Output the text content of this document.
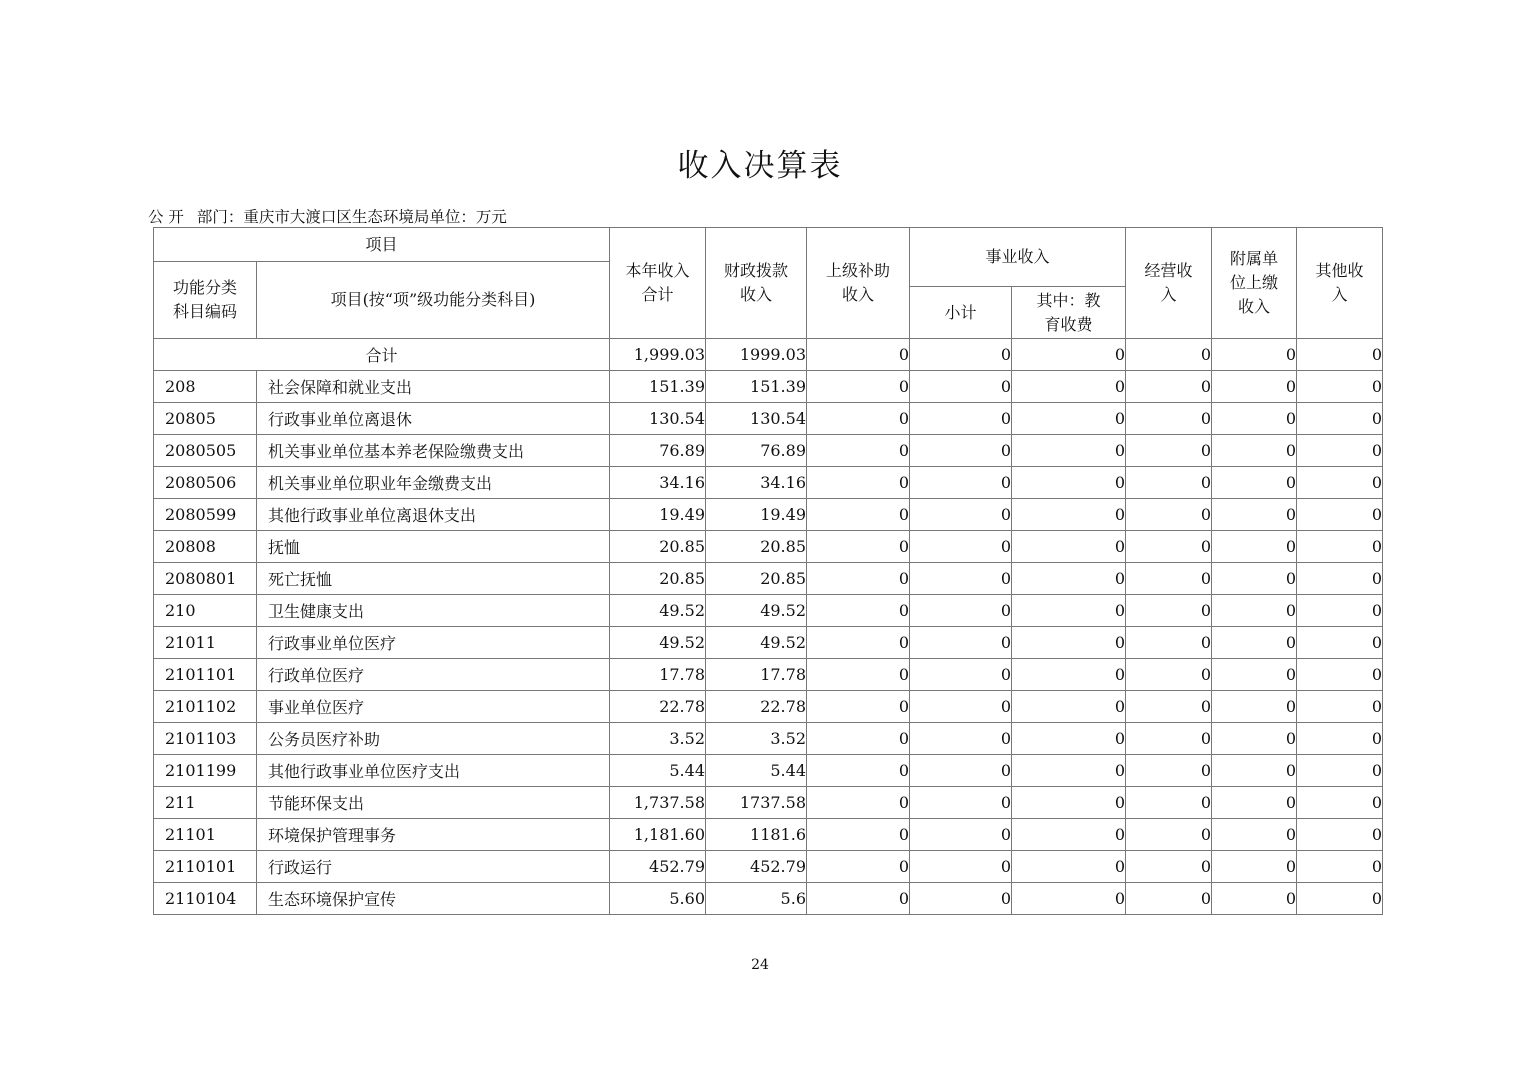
收入决算表
公 开 部门：重庆市大渡口区生态环境局单位：万元
项目		本年收入合计	财政拨款收入	上级补助收入	事业收入		经营收入	附属单位上缴收入	其他收入
功能分类科目编码	项目(按“项”级功能分类科目)								
					小计	其中：教育收费			
合计		1,999.03	1999.03	0	0	0	0	0	0
208	社会保障和就业支出	151.39	151.39	0	0	0	0	0	0
20805	行政事业单位离退休	130.54	130.54	0	0	0	0	0	0
2080505	机关事业单位基本养老保险缴费支出	76.89	76.89	0	0	0	0	0	0
2080506	机关事业单位职业年金缴费支出	34.16	34.16	0	0	0	0	0	0
2080599	其他行政事业单位离退休支出	19.49	19.49	0	0	0	0	0	0
20808	抚恤	20.85	20.85	0	0	0	0	0	0
2080801	死亡抚恤	20.85	20.85	0	0	0	0	0	0
210	卫生健康支出	49.52	49.52	0	0	0	0	0	0
21011	行政事业单位医疗	49.52	49.52	0	0	0	0	0	0
2101101	行政单位医疗	17.78	17.78	0	0	0	0	0	0
2101102	事业单位医疗	22.78	22.78	0	0	0	0	0	0
2101103	公务员医疗补助	3.52	3.52	0	0	0	0	0	0
2101199	其他行政事业单位医疗支出	5.44	5.44	0	0	0	0	0	0
211	节能环保支出	1,737.58	1737.58	0	0	0	0	0	0
21101	环境保护管理事务	1,181.60	1181.6	0	0	0	0	0	0
2110101	行政运行	452.79	452.79	0	0	0	0	0	0
2110104	生态环境保护宣传	5.60	5.6	0	0	0	0	0	0
24
